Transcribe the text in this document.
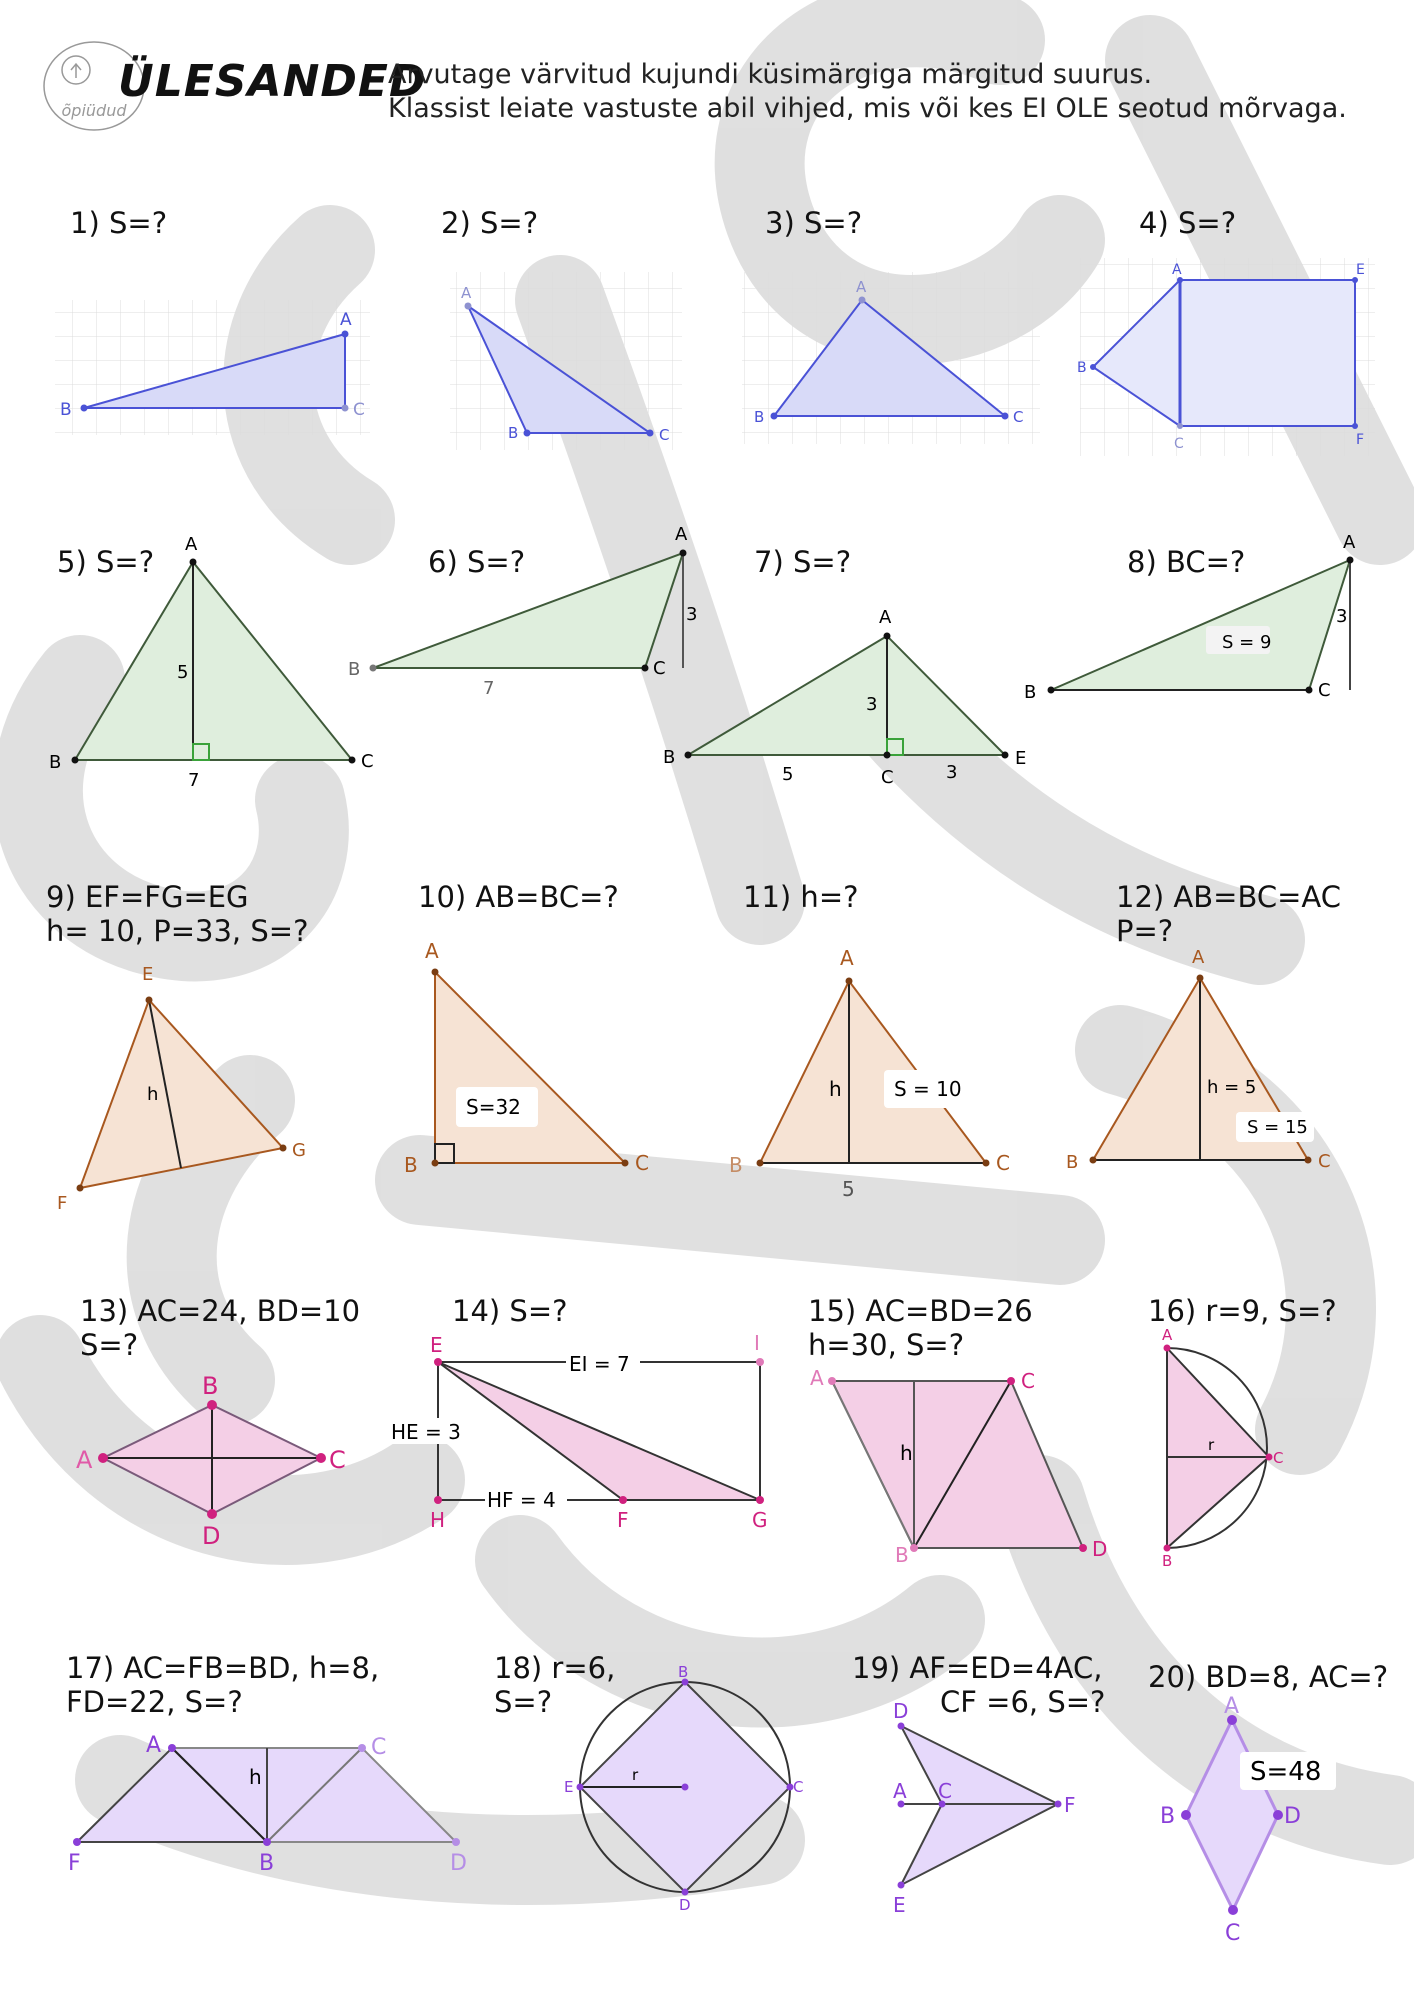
õpiüdud
ÜLESANDED
Arvutage värvitud kujundi küsimärgiga märgitud suurus.
Klassist leiate vastuste abil vihjed, mis või kes EI OLE seotud mõrvaga.
1) S=?	2) S=?	3) S=?	4) S=?
5) S=?	6) S=?	7) S=?	8) BC=?
9) EF=FG=EG
h= 10, P=33, S=?
10) AB=BC=?	11) h=?	12) AB=BC=AC
P=?
13) AC=24, BD=10
S=?
14) S=?	15) AC=BD=26
h=30, S=?
16) r=9, S=?
17) AC=FB=BD, h=8,
FD=22, S=?
18) r=6,
S=?
19) AF=ED=4AC,
CF =6, S=?
20) BD=8, AC=?
A
B	C
A
B	C
A
B	C
A
B
C
E
F
A
B	C
5
7
A
B	C
3
7
A
B
C
E
3
5	3
A
B	C
S = 9
3
E
F
G
h
A
B	C
S=32
A
B	C
h	S = 10
5
A
B	C
h = 5
S = 15
A
B
C
D
E	I
H	F	G
EI = 7
HE = 3
HF = 4
A	C
B	D
h
A
B
C
r
A	C
F	B	D
h
B
E	C
D
r
D
A C
F
E
A
B	D
C
S=48
